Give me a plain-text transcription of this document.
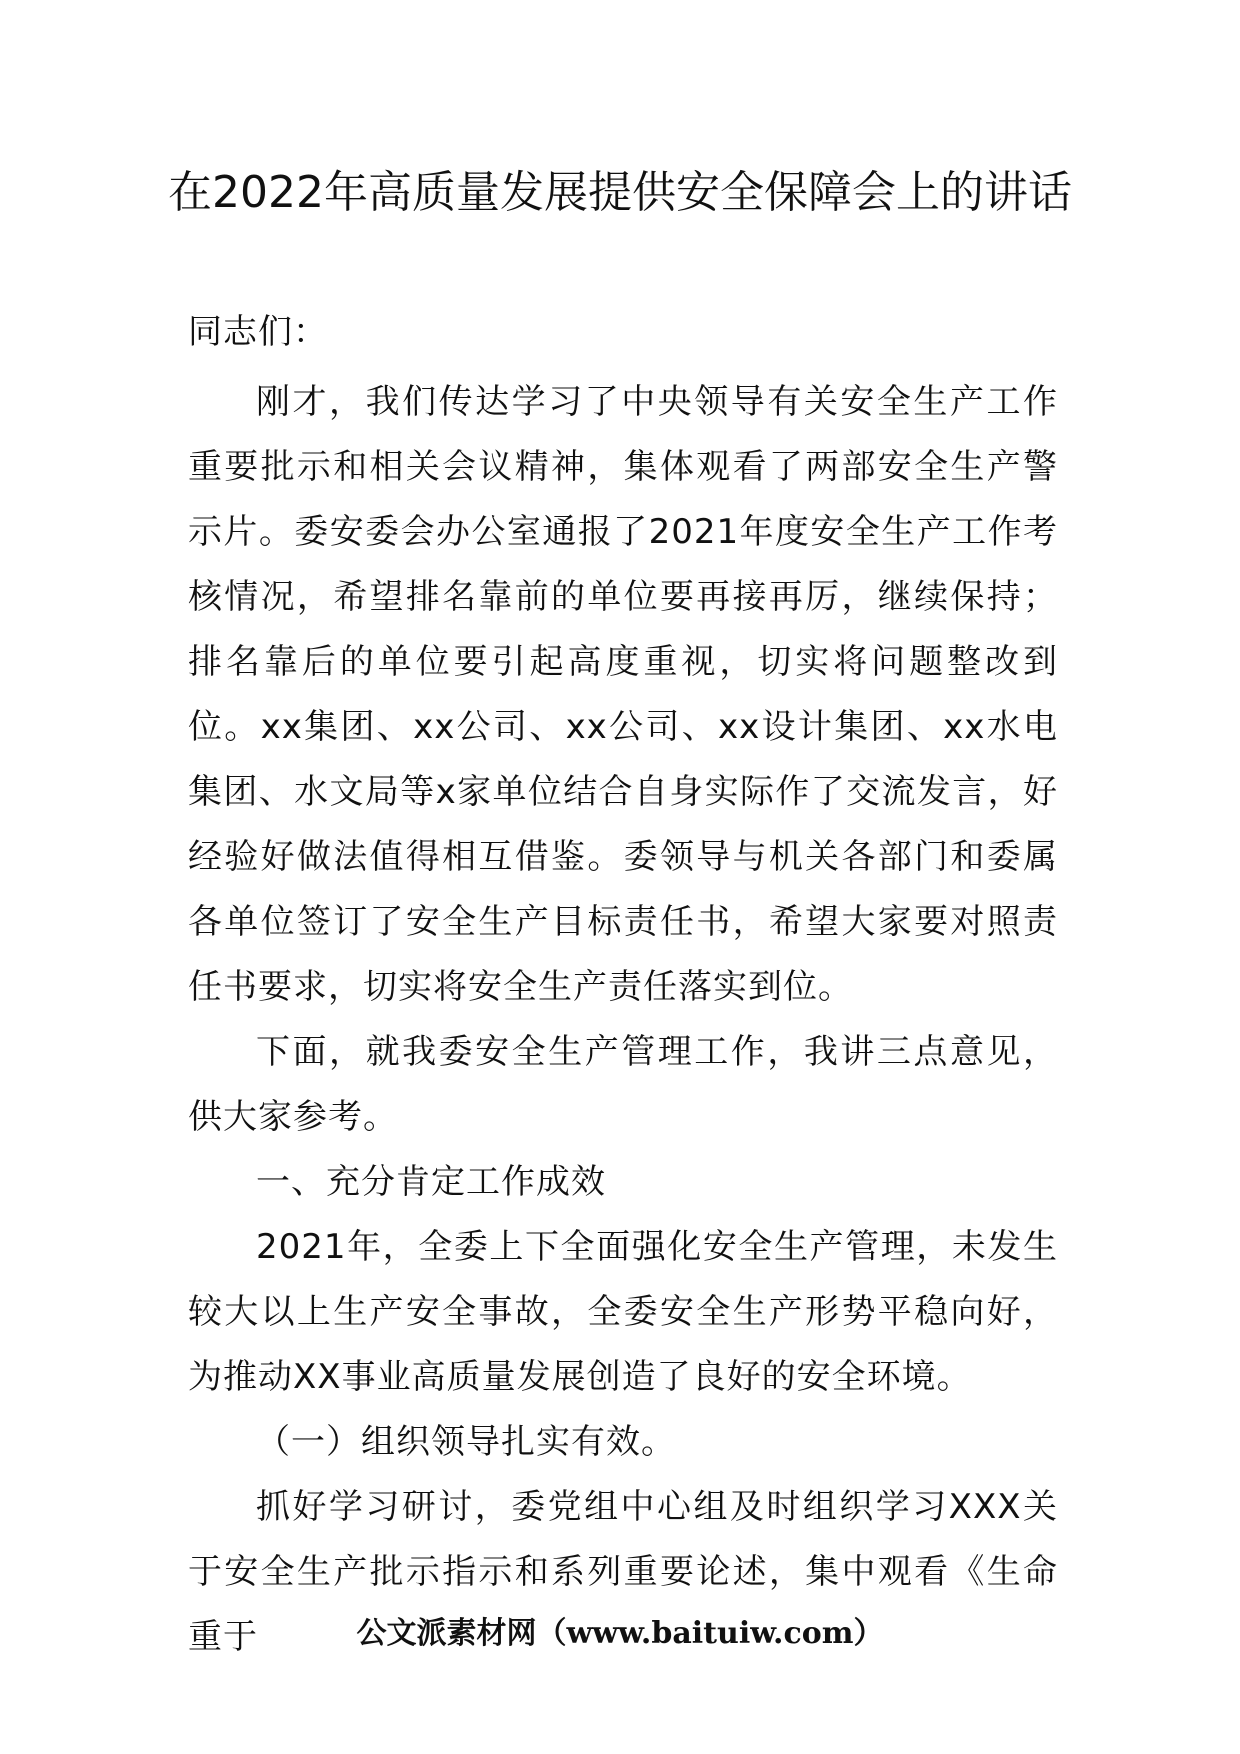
在2022年高质量发展提供安全保障会上的讲话

同志们：

刚才，我们传达学习了中央领导有关安全生产工作重要批示和相关会议精神，集体观看了两部安全生产警示片。委安委会办公室通报了2021年度安全生产工作考核情况，希望排名靠前的单位要再接再厉，继续保持；排名靠后的单位要引起高度重视，切实将问题整改到位。xx集团、xx公司、xx公司、xx设计集团、xx水电集团、水文局等x家单位结合自身实际作了交流发言，好经验好做法值得相互借鉴。委领导与机关各部门和委属各单位签订了安全生产目标责任书，希望大家要对照责任书要求，切实将安全生产责任落实到位。

下面，就我委安全生产管理工作，我讲三点意见，供大家参考。

一、充分肯定工作成效

2021年，全委上下全面强化安全生产管理，未发生较大以上生产安全事故，全委安全生产形势平稳向好，为推动XX事业高质量发展创造了良好的安全环境。

（一）组织领导扎实有效。

抓好学习研讨，委党组中心组及时组织学习XXX关于安全生产批示指示和系列重要论述，集中观看《生命重于	公文派素材网（www.baituiw.com）
